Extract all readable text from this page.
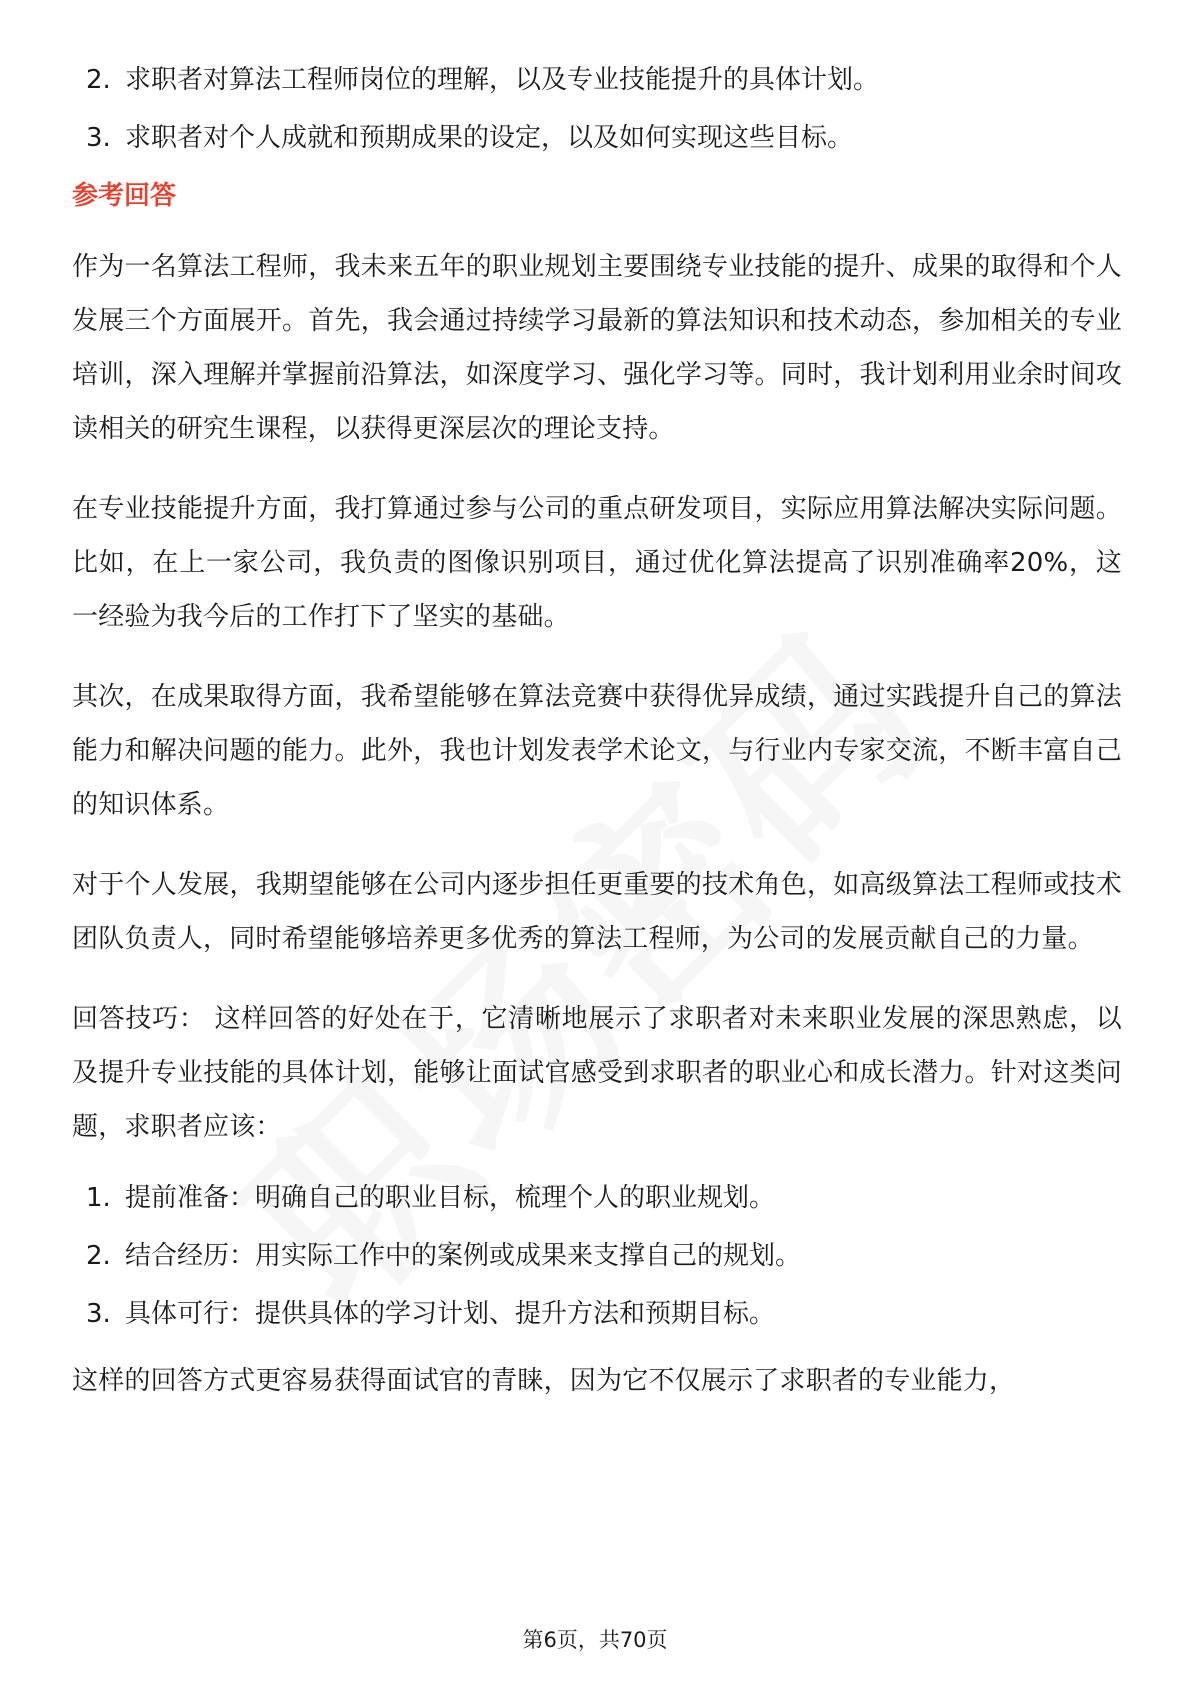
2. 求职者对算法工程师岗位的理解，以及专业技能提升的具体计划。
3. 求职者对个人成就和预期成果的设定，以及如何实现这些目标。
参考回答

作为一名算法工程师，我未来五年的职业规划主要围绕专业技能的提升、成果的取得和个人发展三个方面展开。首先，我会通过持续学习最新的算法知识和技术动态，参加相关的专业培训，深入理解并掌握前沿算法，如深度学习、强化学习等。同时，我计划利用业余时间攻读相关的研究生课程，以获得更深层次的理论支持。

在专业技能提升方面，我打算通过参与公司的重点研发项目，实际应用算法解决实际问题。比如，在上一家公司，我负责的图像识别项目，通过优化算法提高了识别准确率20%，这一经验为我今后的工作打下了坚实的基础。

其次，在成果取得方面，我希望能够在算法竞赛中获得优异成绩，通过实践提升自己的算法能力和解决问题的能力。此外，我也计划发表学术论文，与行业内专家交流，不断丰富自己的知识体系。

对于个人发展，我期望能够在公司内逐步担任更重要的技术角色，如高级算法工程师或技术团队负责人，同时希望能够培养更多优秀的算法工程师，为公司的发展贡献自己的力量。

回答技巧： 这样回答的好处在于，它清晰地展示了求职者对未来职业发展的深思熟虑，以及提升专业技能的具体计划，能够让面试官感受到求职者的职业心和成长潜力。针对这类问题，求职者应该：

1. 提前准备：明确自己的职业目标，梳理个人的职业规划。
2. 结合经历：用实际工作中的案例或成果来支撑自己的规划。
3. 具体可行：提供具体的学习计划、提升方法和预期目标。

这样的回答方式更容易获得面试官的青睐，因为它不仅展示了求职者的专业能力，

第6页，共70页
